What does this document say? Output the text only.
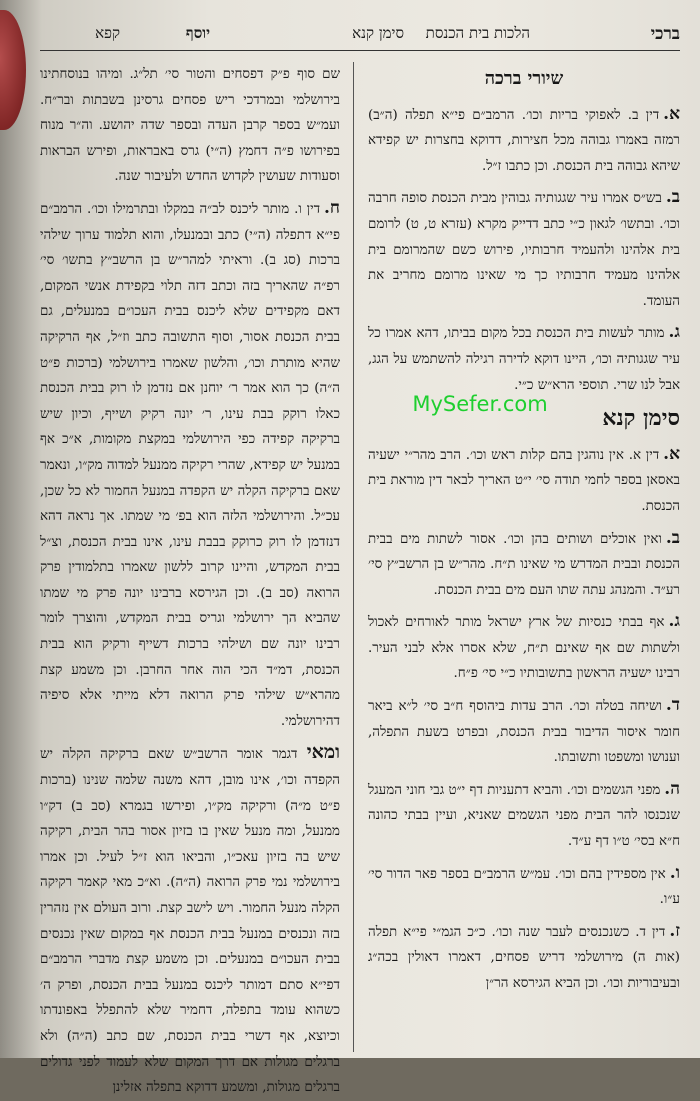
ברכי
הלכות בית הכנסת
סימן קנא
יוסף
קפא
שיורי ברכה

א.דין ב. לאפוקי בריות וכו׳. הרמב״ם פי״א תפלה (ה״ב) רמזה באמרו גבוהה מכל חצירות, דדוקא בחצרות יש קפידא שיהא גבוהה בית הכנסת. וכן כתבו ז״ל.

ב.בש״ס אמרו עיר שגגותיה גבוהין מבית הכנסת סופה חרבה וכו׳. ובתשו׳ לגאון כ״י כתב דדייק מקרא (עזרא ט, ט) לרומם בית אלהינו ולהעמיד חרבותיו, פירוש כשם שהמרומם בית אלהינו מעמיד חרבותיו כך מי שאינו מרומם מחריב את העומד.

ג.מותר לעשות בית הכנסת בכל מקום בביתו, דהא אמרו כל עיר שגגותיה וכו׳, היינו דוקא לדירה רגילה להשתמש על הגג, אבל לנו שרי. תוספי הרא״ש כ״י.

סימן קנא

א.דין א. אין נוהגין בהם קלות ראש וכו׳. הרב מהר״י ישעיה באסאן בספר לחמי תודה סי׳ י״ט האריך לבאר דין מוראת בית הכנסת.

ב.ואין אוכלים ושותים בהן וכו׳. אסור לשתות מים בבית הכנסת ובבית המדרש מי שאינו ת״ח. מהר״ש בן הרשב״ץ סי׳ רע״ד. והמנהג עתה שתו העם מים בבית הכנסת.

ג.אף בבתי כנסיות של ארץ ישראל מותר לאורחים לאכול ולשתות שם אף שאינם ת״ח, שלא אסרו אלא לבני העיר. רבינו ישעיה הראשון בתשובותיו כ״י סי׳ פ״ח.

ד.ושיחה בטלה וכו׳. הרב עדות ביהוסף ח״ב סי׳ ל״א ביאר חומר איסור הדיבור בבית הכנסת, ובפרט בשעת התפלה, וענושו ומשפטו ותשובתו.

ה.מפני הגשמים וכו׳. והביא דתעניות דף י״ט גבי חוני המעגל שנכנסו להר הבית מפני הגשמים שאניא, ועיין בבתי כהונה ח״א בסי׳ ט״ו דף ע״ד.

ו.אין מספידין בהם וכו׳. עמ״ש הרמב״ם בספר פאר הדור סי׳ ע״ו.

ז.דין ד. כשנכנסים לעבר שנה וכו׳. כ״כ הגמ״י פי״א תפלה (אות ה) מירושלמי דריש פסחים, דאמרו דאולין בכה״ג ובעיבוריות וכו׳. וכן הביא הגירסא הר״ן

שם סוף פ״ק דפסחים והטור סי׳ תל״ג. ומיהו בנוסחתינו בירושלמי ובמרדכי ריש פסחים גרסינן בשבתות ובר״ח. ועמ״ש בספר קרבן העדה ובספר שדה יהושע. וה״ר מנוח בפירושו פ״ה דחמץ (ה״י) גרס באבראות, ופירש הבראות וסעודות שעושין לקדוש החדש ולעיבור שנה.

ח.דין ו. מותר ליכנס לב״ה במקלו ובתרמילו וכו׳. הרמב״ם פי״א דתפלה (ה״י) כתב ובמנעלו, והוא תלמוד ערוך שילהי ברכות (סג ב). וראיתי למהר״ש בן הרשב״ץ בתשו׳ סי׳ רפ״ה שהאריך בזה וכתב דזה תלוי בקפידת אנשי המקום, דאם מקפידים שלא ליכנס בבית העכו״ם במנעלים, גם בבית הכנסת אסור, וסוף התשובה כתב וז״ל, אף הרקיקה שהיא מותרת וכו׳, והלשון שאמרו בירושלמי (ברכות פ״ט ה״ה) כך הוא אמר ר׳ יוחנן אם נזדמן לו רוק בבית הכנסת כאלו רוקק בבת עינו, ר׳ יונה רקיק ושייף, וכיון שיש ברקיקה קפידה כפי הירושלמי במקצת מקומות, א״כ אף במנעל יש קפידא, שהרי רקיקה ממנעל למדוה מק״ו, ונאמר שאם ברקיקה הקלה יש הקפדה במנעל החמור לא כל שכן, עכ״ל. והירושלמי הלזה הוא בפ׳ מי שמתו. אך נראה דהא דנזדמן לו רוק כרוקק בבבת עינו, אינו בבית הכנסת, וצ״ל בבית המקדש, והיינו קרוב ללשון שאמרו בתלמודין פרק הרואה (סב ב). וכן הגירסא ברבינו יונה פרק מי שמתו שהביא הך ירושלמי וגריס בבית המקדש, והוצרך לומר רבינו יונה שם ושילהי ברכות דשייף ורקיק הוא בבית הכנסת, דמ״ד הכי הוה אחר החרבן. וכן משמע קצת מהרא״ש שילהי פרק הרואה דלא מייתי אלא סיפיה דהירושלמי.

ומאי דגמר אומר הרשב״ש שאם ברקיקה הקלה יש הקפדה וכו׳, אינו מובן, דהא משנה שלמה שנינו (ברכות פ״ט מ״ה) ורקיקה מק״ו, ופירשו בגמרא (סב ב) דק״ו ממנעל, ומה מנעל שאין בו בזיון אסור בהר הבית, רקיקה שיש בה בזיון עאכ״ו, והביאו הוא ז״ל לעיל. וכן אמרו בירושלמי נמי פרק הרואה (ה״ה). וא״כ מאי קאמר רקיקה הקלה מנעל החמור. ויש לישב קצת. ורוב העולם אין נזהרין בזה ונכנסים במנעל בבית הכנסת אף במקום שאין נכנסים בבית העכו״ם במנעלים. וכן משמע קצת מדברי הרמב״ם דפי״א סתם דמותר ליכנס במנעל בבית הכנסת, ופרק ה׳ כשהוא עומד בתפלה, דחמיר שלא להתפלל באפונדתו וכיוצא, אף דשרי בבית הכנסת, שם כתב (ה״ה) ולא ברגלים מגולות אם דרך המקום שלא לעמוד לפני גדולים ברגלים מגולות, ומשמע דדוקא בתפלה אזלינן

MySefer.com
